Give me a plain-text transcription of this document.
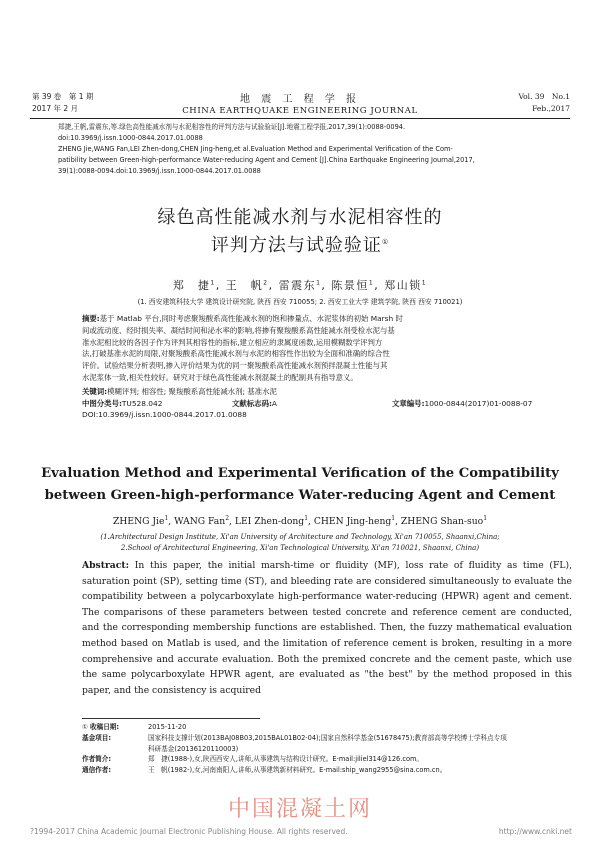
第 39 卷　第 1 期
2017 年 2 月
地 震 工 程 学 报
CHINA EARTHQUAKE ENGINEERING JOURNAL
Vol. 39　No.1
Feb.,2017
郑捷,王帆,雷震东,等.绿色高性能减水剂与水泥相容性的评判方法与试验验证[J].地震工程学报,2017,39(1):0088-0094.
doi:10.3969/j.issn.1000-0844.2017.01.0088
ZHENG Jie,WANG Fan,LEI Zhen-dong,CHEN Jing-heng,et al.Evaluation Method and Experimental Verification of the Com-
patibility between Green-high-performance Water-reducing Agent and Cement [J].China Earthquake Engineering Journal,2017,
39(1):0088-0094.doi:10.3969/j.issn.1000-0844.2017.01.0088
绿色高性能减水剂与水泥相容性的
评判方法与试验验证①
郑　捷$^1$, 王　帆$^2$, 雷震东$^1$, 陈景恒$^1$, 郑山锁$^1$
(1. 西安建筑科技大学 建筑设计研究院, 陕西 西安 710055; 2. 西安工业大学 建筑学院, 陕西 西安 710021)
摘要:基于 Matlab 平台,同时考虑聚羧酸系高性能减水剂的饱和掺量点、水泥浆体的初始 Marsh 时
间或流动度、经时损失率、凝结时间和泌水率的影响,将掺有聚羧酸系高性能减水剂受检水泥与基
准水泥相比较的各因子作为评判其相容性的指标,建立相应的隶属度函数,运用模糊数学评判方
法,打破基准水泥的局限,对聚羧酸系高性能减水剂与水泥的相容性作出较为全面和准确的综合性
评价。试验结果分析表明,掺入评价结果为优的同一聚羧酸系高性能减水剂预拌混凝土性能与其
水泥浆体一致,相关性较好。研究对于绿色高性能减水剂混凝土的配制具有指导意义。
关键词:模糊评判; 相容性; 聚羧酸系高性能减水剂; 基准水泥
中图分类号:TU528.042	文献标志码:A	文章编号:1000-0844(2017)01-0088-07
DOI:10.3969/j.issn.1000-0844.2017.01.0088
Evaluation Method and Experimental Verification of the Compatibility
between Green-high-performance Water-reducing Agent and Cement
ZHENG Jie$^1$, WANG Fan$^2$, LEI Zhen-dong$^1$, CHEN Jing-heng$^1$, ZHENG Shan-suo$^1$
(1.Architectural Design Institute, Xi'an University of Architecture and Technology, Xi'an 710055, Shaanxi,China;
2.School of Architectural Engineering, Xi'an Technological University, Xi'an 710021, Shaanxi, China)
Abstract: In this paper, the initial marsh-time or fluidity (MF), loss rate of fluidity as time (FL), saturation point (SP), setting time (ST), and bleeding rate are considered simultaneously to evaluate the compatibility between a polycarboxylate high-performance water-reducing (HPWR) agent and cement. The comparisons of these parameters between tested concrete and reference cement are conducted, and the corresponding membership functions are established. Then, the fuzzy mathematical evaluation method based on Matlab is used, and the limitation of reference cement is broken, resulting in a more comprehensive and accurate evaluation. Both the premixed concrete and the cement paste, which use the same polycarboxylate HPWR agent, are evaluated as "the best" by the method proposed in this paper, and the consistency is acquired
① 收稿日期:	2015-11-20
基金项目:	国家科技支撑计划(2013BAJ08B03,2015BAL01B02-04);国家自然科学基金(51678475);教育部高等学校博士学科点专项
科研基金(20136120110003)
作者简介:	郑　捷(1988-),女,陕西西安人,讲师,从事建筑与结构设计研究。E-mail:jiliel314@126.com。
通信作者:	王　帆(1982-),女,河南南阳人,讲师,从事建筑新材料研究。E-mail:ship_wang2955@sina.com.cn。
中国混凝土网
?1994-2017 China Academic Journal Electronic Publishing House. All rights reserved.	http://www.cnki.net
